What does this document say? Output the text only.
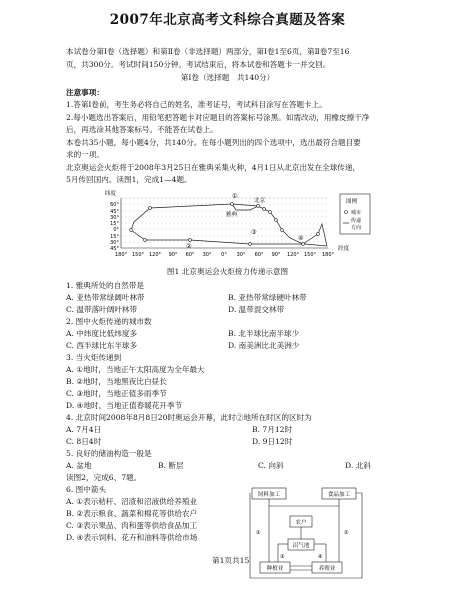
2007年北京高考文科综合真题及答案
本试卷分第Ⅰ卷（选择题）和第Ⅱ卷（非选择题）两部分，第Ⅰ卷1至6页，第Ⅱ卷7至16
页，共300分。考试时间150分钟。考试结束后，将本试卷和答题卡一并交回。
第Ⅰ卷（选择题　共140分）
注意事项：
1.答第Ⅰ卷前，考生务必将自己的姓名，准考证号，考试科目涂写在答题卡上。
2.每小题选出答案后，用铅笔把答题卡对应题目的答案标号涂黑。如需改动，用橡皮擦干净
后，再选涂其他答案标号。不能答在试卷上。
本卷共35小题，每小题4分，共140分。在每小题列出的四个选项中，选出最符合题目要
求的一项。
北京奥运会火炬将于2008年3月25日在雅典采集火种，4月1日从北京出发在全球传递，
5月传回国内。读图1，完成1—4题。
纬度
60°
45°
30°
15°
0°
15°
30°
45°
180° 150° 120° 90° 60° 30° 0° 30° 60° 90° 120° 150° 180°
经度
雅典
北京
①
②
③
④
图例
城市
传递
方向
图1 北京奥运会火炬接力传递示意图
1. 雅典所处的自然带是
A. 亚热带常绿阔叶林带	B. 亚热带常绿硬叶林带
C. 温带落叶阔叶林带	D. 温带混交林带
2. 图中火炬传递的城市数
A. 中纬度比低纬度多	B. 北半球比南半球少
C. 西半球比东半球多	D. 南美洲比北美洲少
3. 当火炬传递到
A. ①地时，当地正午太阳高度为全年最大
B. ②地时，当地黑夜比白昼长
C. ③地时，当地正值多雨季节
D. ④地时，当地正值春暖花开季节
4. 北京时间2008年8月8日20时奥运会开幕，此时②地所在时区的区时为
A. 7月4日	B. 7月12时
C. 8日4时	D. 9日12时
5. 良好的储油构造一般是
A. 盆地	B. 断层	C. 向斜	D. 北斜
读图2，完成6、7题。
6. 图中箭头
A. ①表示秸秆、沼渣和沼液供给养殖业
B. ②表示粮食、蔬菜和棉花等供给农户
C. ③表示果品、肉和蛋等供给食品加工
D. ④表示饲料、花卉和油料等供给市场
饲料加工	食品加工
农户
沼气池
种植业	养殖业
①	②
③	④
第1页共15
